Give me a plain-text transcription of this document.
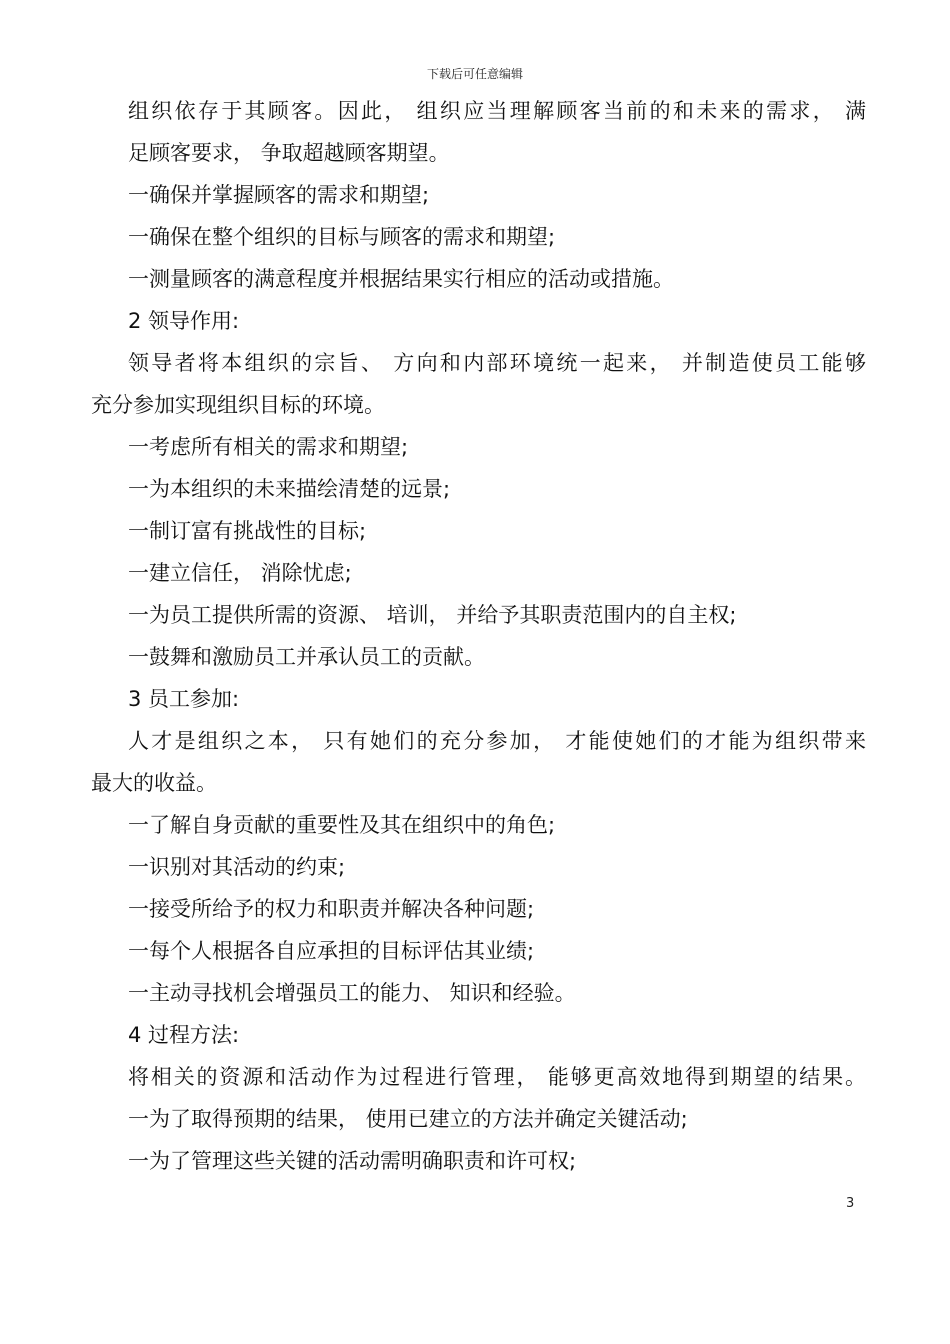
下载后可任意编辑
组织依存于其顾客。因此， 组织应当理解顾客当前的和未来的需求， 满
足顾客要求， 争取超越顾客期望。
一确保并掌握顾客的需求和期望;
一确保在整个组织的目标与顾客的需求和期望;
一测量顾客的满意程度并根据结果实行相应的活动或措施。
2 领导作用:
领导者将本组织的宗旨、 方向和内部环境统一起来， 并制造使员工能够
充分参加实现组织目标的环境。
一考虑所有相关的需求和期望;
一为本组织的未来描绘清楚的远景;
一制订富有挑战性的目标;
一建立信任， 消除忧虑;
一为员工提供所需的资源、 培训， 并给予其职责范围内的自主权;
一鼓舞和激励员工并承认员工的贡献。
3 员工参加:
人才是组织之本， 只有她们的充分参加， 才能使她们的才能为组织带来
最大的收益。
一了解自身贡献的重要性及其在组织中的角色;
一识别对其活动的约束;
一接受所给予的权力和职责并解决各种问题;
一每个人根据各自应承担的目标评估其业绩;
一主动寻找机会增强员工的能力、 知识和经验。
4 过程方法:
将相关的资源和活动作为过程进行管理， 能够更高效地得到期望的结果。
一为了取得预期的结果， 使用已建立的方法并确定关键活动;
一为了管理这些关键的活动需明确职责和许可权;
3
